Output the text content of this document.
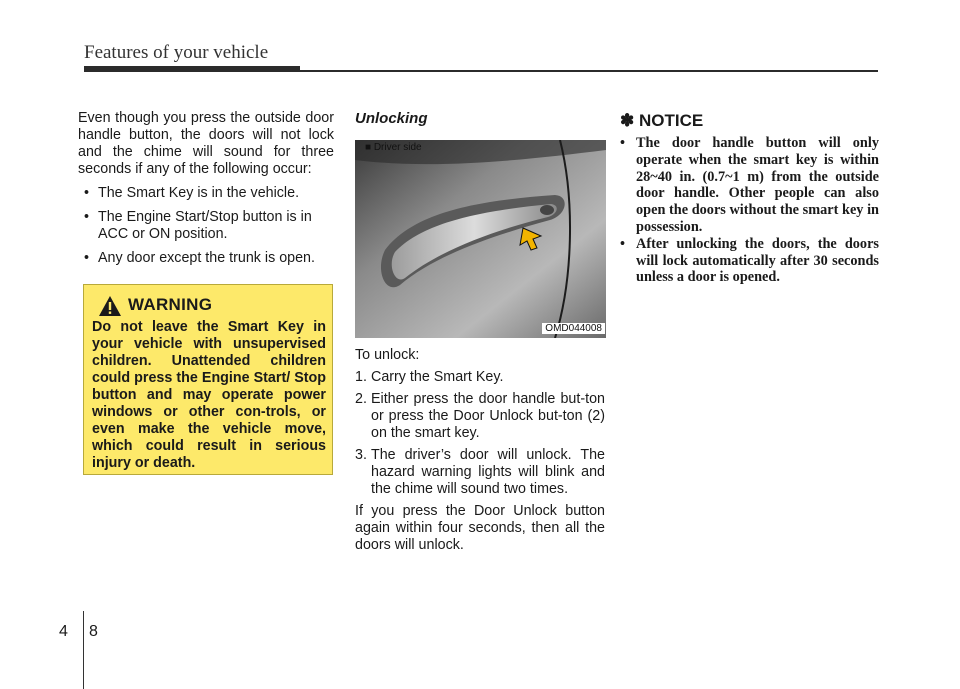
Features of your vehicle

Even though you press the outside door handle button, the doors will not lock and the chime will sound for three seconds if any of the following occur:

• The Smart Key is in the vehicle.

• The Engine Start/Stop button is in ACC or ON position.

• Any door except the trunk is open.

WARNING
Do not leave the Smart Key in your vehicle with unsupervised children. Unattended children could press the Engine Start/ Stop button and may operate power windows or other con-trols, or even make the vehicle move, which could result in serious injury or death.

Unlocking

■ Driver side
OMD044008

To unlock:

1. Carry the Smart Key.

2. Either press the door handle but-ton or press the Door Unlock but-ton (2) on the smart key.

3. The driver’s door will unlock. The hazard warning lights will blink and the chime will sound two times.

If you press the Door Unlock button again within four seconds, then all the doors will unlock.

✽ NOTICE

• The door handle button will only operate when the smart key is within 28~40 in. (0.7~1 m) from the outside door handle. Other people can also open the doors without the smart key in possession.

• After unlocking the doors, the doors will lock automatically after 30 seconds unless a door is opened.

4 8
